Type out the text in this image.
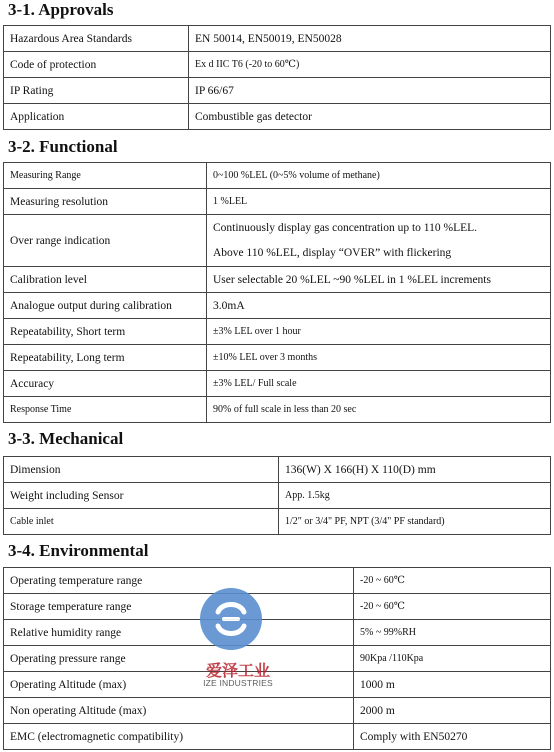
3-1. Approvals
Hazardous Area Standards	EN 50014, EN50019, EN50028
Code of protection	Ex d IIC T6 (-20 to 60℃)
IP Rating	IP 66/67
Application	Combustible gas detector
3-2. Functional
Measuring Range	0~100 %LEL (0~5% volume of methane)
Measuring resolution	1 %LEL
Over range indication	Continuously display gas concentration up to 110 %LEL.
Above 110 %LEL, display “OVER” with flickering

Calibration level	User selectable 20 %LEL ~90 %LEL in 1 %LEL increments
Analogue output during calibration	3.0mA
Repeatability, Short term	±3% LEL over 1 hour
Repeatability, Long term	±10% LEL over 3 months
Accuracy	±3% LEL/ Full scale
Response Time	90% of full scale in less than 20 sec
3-3. Mechanical
Dimension	136(W) X 166(H) X 110(D) mm
Weight including Sensor	App. 1.5kg
Cable inlet	1/2" or 3/4" PF, NPT (3/4" PF standard)
3-4. Environmental
Operating temperature range	-20 ~ 60℃
Storage temperature range	-20 ~ 60℃
Relative humidity range	5% ~ 99%RH
Operating pressure range	90Kpa /110Kpa
Operating Altitude (max)	1000 m
Non operating Altitude (max)	2000 m
EMC (electromagnetic compatibility)	Comply with EN50270
爱泽工业
IZE INDUSTRIES
